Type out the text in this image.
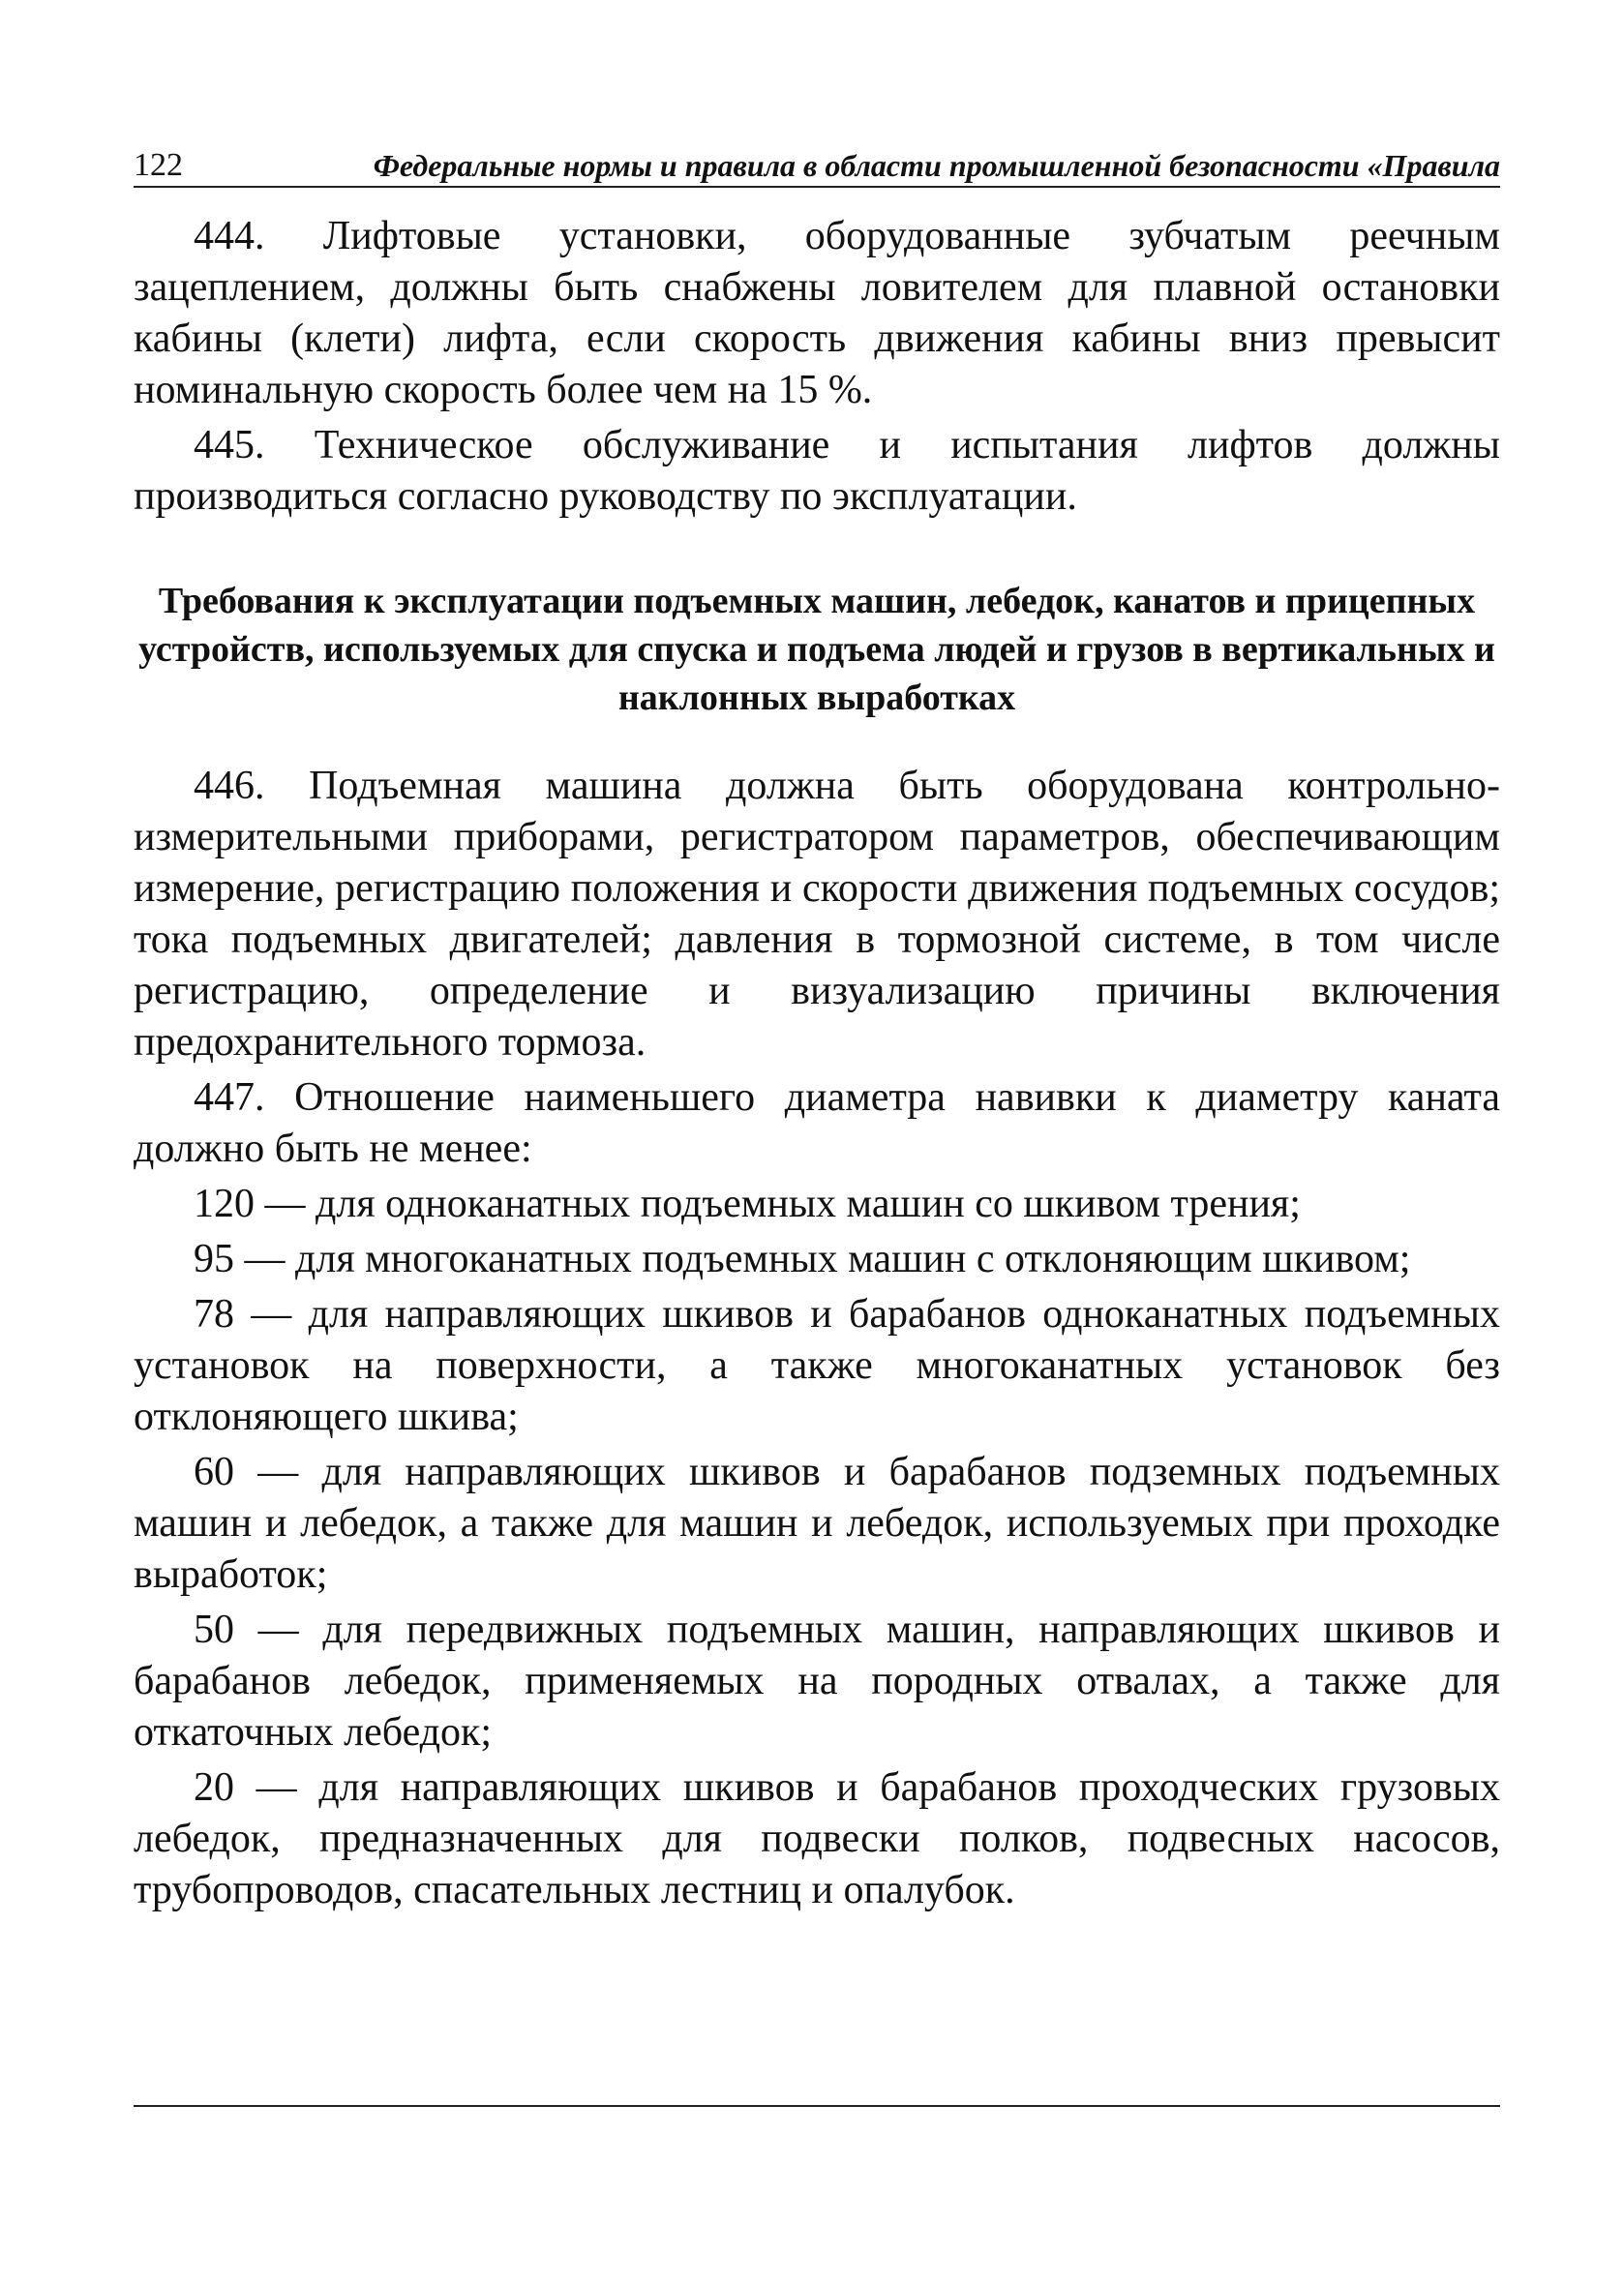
122	Федеральные нормы и правила в области промышленной безопасности «Правила

444. Лифтовые установки, оборудованные зубчатым реечным зацеплением, должны быть снабжены ловителем для плавной остановки кабины (клети) лифта, если скорость движения кабины вниз превысит номинальную скорость более чем на 15 %.

445. Техническое обслуживание и испытания лифтов должны производиться согласно руководству по эксплуатации.

Требования к эксплуатации подъемных машин, лебедок, канатов и прицепных устройств, используемых для спуска и подъема людей и грузов в вертикальных и наклонных выработках

446. Подъемная машина должна быть оборудована контрольно-измерительными приборами, регистратором параметров, обеспечивающим измерение, регистрацию положения и скорости движения подъемных сосудов; тока подъемных двигателей; давления в тормозной системе, в том числе регистрацию, определение и визуализацию причины включения предохранительного тормоза.

447. Отношение наименьшего диаметра навивки к диаметру каната должно быть не менее:

120 — для одноканатных подъемных машин со шкивом трения;

95 — для многоканатных подъемных машин с отклоняющим шкивом;

78 — для направляющих шкивов и барабанов одноканатных подъемных установок на поверхности, а также многоканатных установок без отклоняющего шкива;

60 — для направляющих шкивов и барабанов подземных подъемных машин и лебедок, а также для машин и лебедок, используемых при проходке выработок;

50 — для передвижных подъемных машин, направляющих шкивов и барабанов лебедок, применяемых на породных отвалах, а также для откаточных лебедок;

20 — для направляющих шкивов и барабанов проходческих грузовых лебедок, предназначенных для подвески полков, подвесных насосов, трубопроводов, спасательных лестниц и опалубок.
